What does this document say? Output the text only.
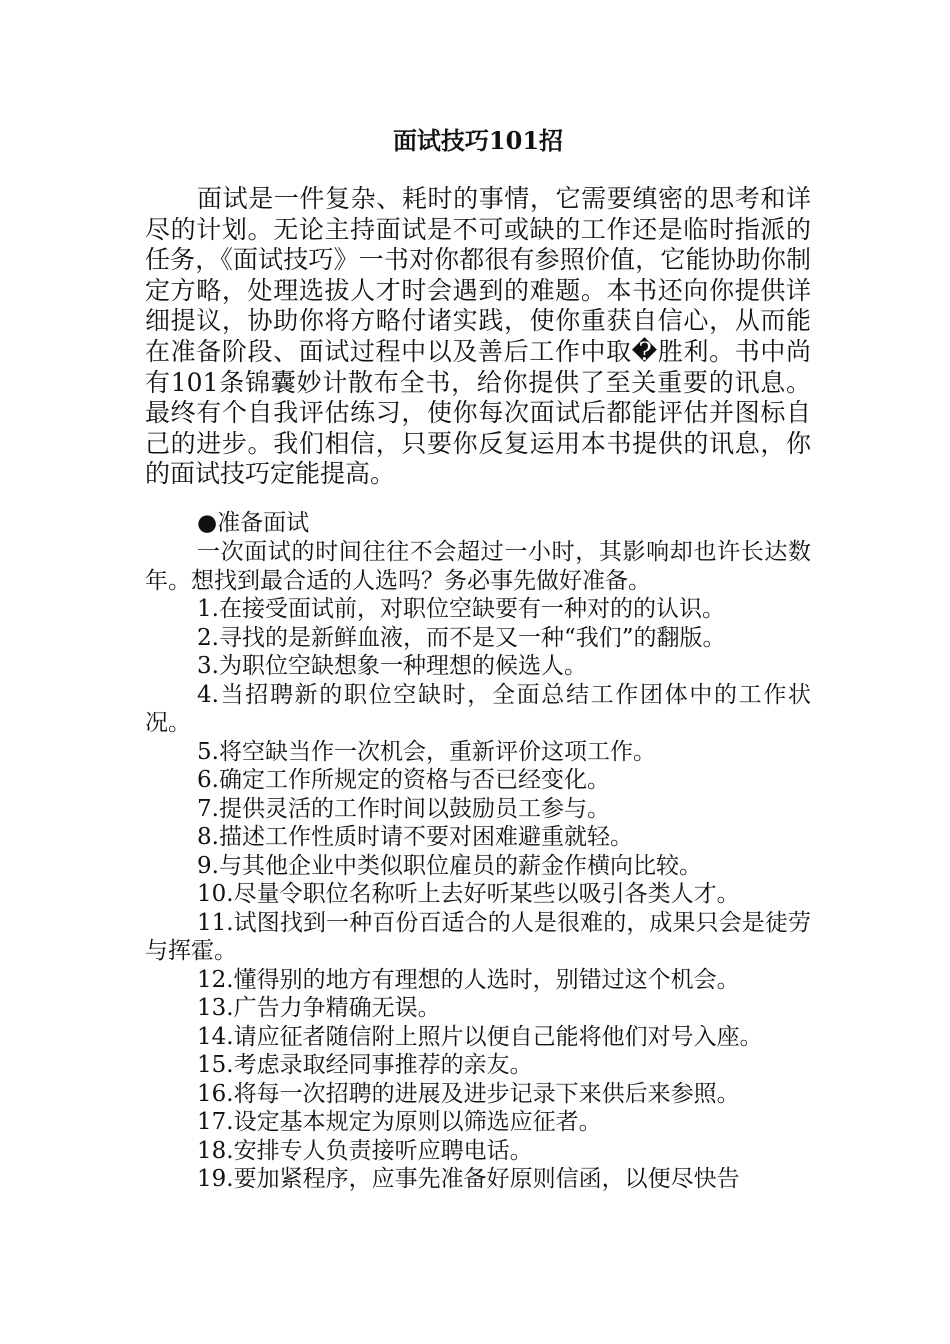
面试技巧101招

面试是一件复杂、耗时的事情，它需要缜密的思考和详尽的计划。无论主持面试是不可或缺的工作还是临时指派的任务，《面试技巧》一书对你都很有参照价值，它能协助你制定方略，处理选拔人才时会遇到的难题。本书还向你提供详细提议，协助你将方略付诸实践，使你重获自信心，从而能在准备阶段、面试过程中以及善后工作中取�胜利。书中尚有101条锦囊妙计散布全书，给你提供了至关重要的讯息。最终有个自我评估练习，使你每次面试后都能评估并图标自己的进步。我们相信，只要你反复运用本书提供的讯息，你的面试技巧定能提高。

●准备面试

一次面试的时间往往不会超过一小时，其影响却也许长达数年。想找到最合适的人选吗？务必事先做好准备。

1.在接受面试前，对职位空缺要有一种对的的认识。
2.寻找的是新鲜血液，而不是又一种“我们”的翻版。
3.为职位空缺想象一种理想的候选人。
4.当招聘新的职位空缺时，全面总结工作团体中的工作状况。
5.将空缺当作一次机会，重新评价这项工作。
6.确定工作所规定的资格与否已经变化。
7.提供灵活的工作时间以鼓励员工参与。
8.描述工作性质时请不要对困难避重就轻。
9.与其他企业中类似职位雇员的薪金作横向比较。
10.尽量令职位名称听上去好听某些以吸引各类人才。
11.试图找到一种百份百适合的人是很难的，成果只会是徒劳与挥霍。
12.懂得别的地方有理想的人选时，别错过这个机会。
13.广告力争精确无误。
14.请应征者随信附上照片以便自己能将他们对号入座。
15.考虑录取经同事推荐的亲友。
16.将每一次招聘的进展及进步记录下来供后来参照。
17.设定基本规定为原则以筛选应征者。
18.安排专人负责接听应聘电话。
19.要加紧程序，应事先准备好原则信函，以便尽快告
